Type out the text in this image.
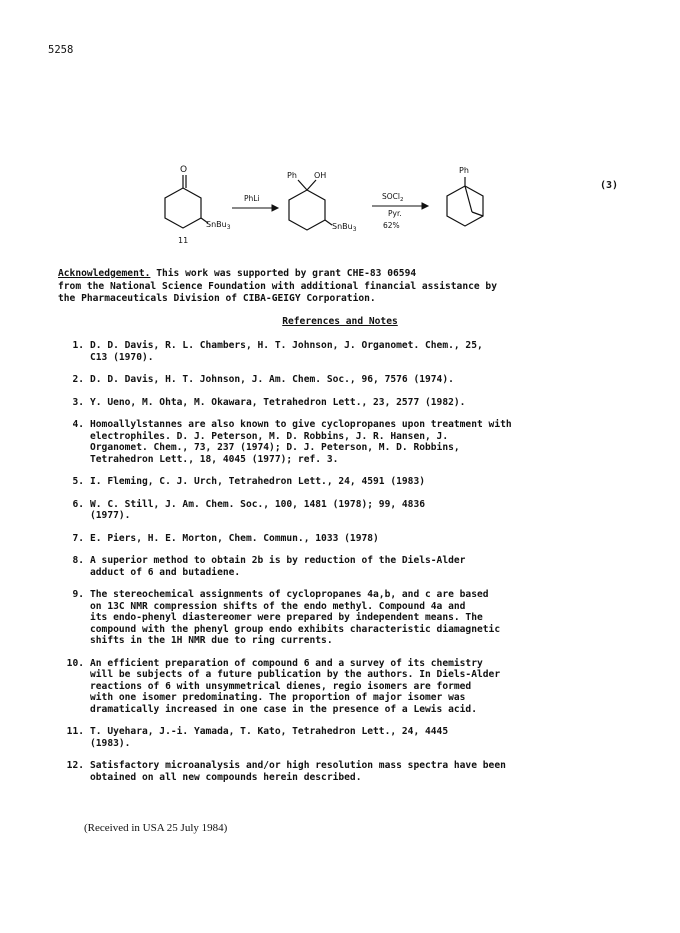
5258
O
SnBu$_3$
11
PhLi
Ph OH
SnBu$_3$
SOCl$_2$
Pyr.
62%
Ph
(3)
Acknowledgement. This work was supported by grant CHE-83 06594
from the National Science Foundation with additional financial assistance by
the Pharmaceuticals Division of CIBA-GEIGY Corporation.
References and Notes
1. D. D. Davis, R. L. Chambers, H. T. Johnson, J. Organomet. Chem., 25,
C13 (1970).
2. D. D. Davis, H. T. Johnson, J. Am. Chem. Soc., 96, 7576 (1974).
3. Y. Ueno, M. Ohta, M. Okawara, Tetrahedron Lett., 23, 2577 (1982).
4. Homoallylstannes are also known to give cyclopropanes upon treatment with
electrophiles. D. J. Peterson, M. D. Robbins, J. R. Hansen, J.
Organomet. Chem., 73, 237 (1974); D. J. Peterson, M. D. Robbins,
Tetrahedron Lett., 18, 4045 (1977); ref. 3.
5. I. Fleming, C. J. Urch, Tetrahedron Lett., 24, 4591 (1983)
6. W. C. Still, J. Am. Chem. Soc., 100, 1481 (1978); 99, 4836
(1977).
7. E. Piers, H. E. Morton, Chem. Commun., 1033 (1978)
8. A superior method to obtain 2b is by reduction of the Diels-Alder
adduct of 6 and butadiene.
9. The stereochemical assignments of cyclopropanes 4a,b, and c are based
on 13C NMR compression shifts of the endo methyl. Compound 4a and
its endo-phenyl diastereomer were prepared by independent means. The
compound with the phenyl group endo exhibits characteristic diamagnetic
shifts in the 1H NMR due to ring currents.
10. An efficient preparation of compound 6 and a survey of its chemistry
will be subjects of a future publication by the authors. In Diels-Alder
reactions of 6 with unsymmetrical dienes, regio isomers are formed
with one isomer predominating. The proportion of major isomer was
dramatically increased in one case in the presence of a Lewis acid.
11. T. Uyehara, J.-i. Yamada, T. Kato, Tetrahedron Lett., 24, 4445
(1983).
12. Satisfactory microanalysis and/or high resolution mass spectra have been
obtained on all new compounds herein described.
(Received in USA 25 July 1984)
